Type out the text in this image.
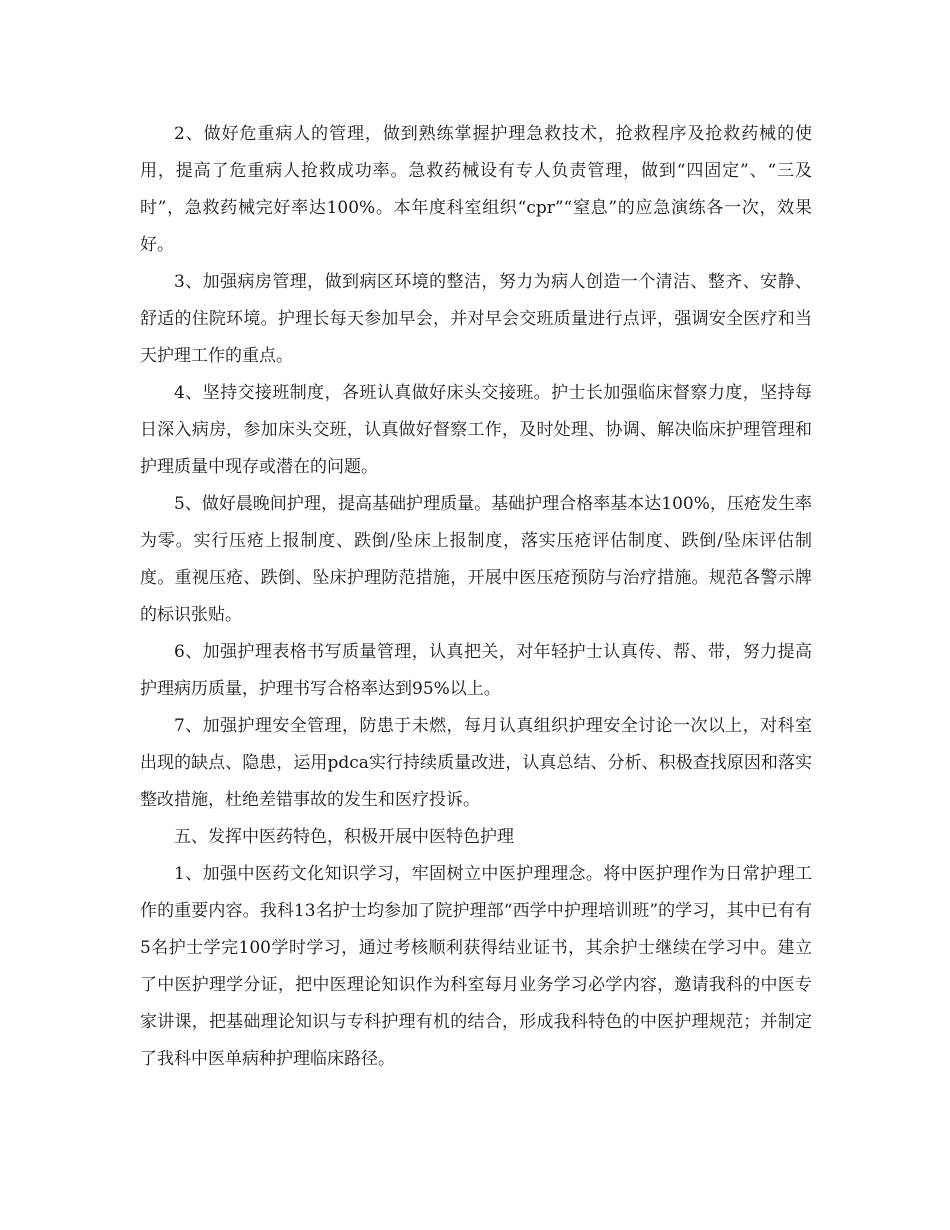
2、做好危重病人的管理，做到熟练掌握护理急救技术，抢救程序及抢救药械的使用，提高了危重病人抢救成功率。急救药械设有专人负责管理，做到“四固定”、“三及时”，急救药械完好率达100%。本年度科室组织“cpr”“窒息”的应急演练各一次，效果好。

3、加强病房管理，做到病区环境的整洁，努力为病人创造一个清洁、整齐、安静、舒适的住院环境。护理长每天参加早会，并对早会交班质量进行点评，强调安全医疗和当天护理工作的重点。

4、坚持交接班制度，各班认真做好床头交接班。护士长加强临床督察力度，坚持每日深入病房，参加床头交班，认真做好督察工作，及时处理、协调、解决临床护理管理和护理质量中现存或潜在的问题。

5、做好晨晚间护理，提高基础护理质量。基础护理合格率基本达100%，压疮发生率为零。实行压疮上报制度、跌倒/坠床上报制度，落实压疮评估制度、跌倒/坠床评估制度。重视压疮、跌倒、坠床护理防范措施，开展中医压疮预防与治疗措施。规范各警示牌的标识张贴。

6、加强护理表格书写质量管理，认真把关，对年轻护士认真传、帮、带，努力提高护理病历质量，护理书写合格率达到95%以上。

7、加强护理安全管理，防患于未燃，每月认真组织护理安全讨论一次以上，对科室出现的缺点、隐患，运用pdca实行持续质量改进，认真总结、分析、积极查找原因和落实整改措施，杜绝差错事故的发生和医疗投诉。

五、发挥中医药特色，积极开展中医特色护理

1、加强中医药文化知识学习，牢固树立中医护理理念。将中医护理作为日常护理工作的重要内容。我科13名护士均参加了院护理部“西学中护理培训班”的学习，其中已有有5名护士学完100学时学习，通过考核顺利获得结业证书，其余护士继续在学习中。建立了中医护理学分证，把中医理论知识作为科室每月业务学习必学内容，邀请我科的中医专家讲课，把基础理论知识与专科护理有机的结合，形成我科特色的中医护理规范；并制定了我科中医单病种护理临床路径。
